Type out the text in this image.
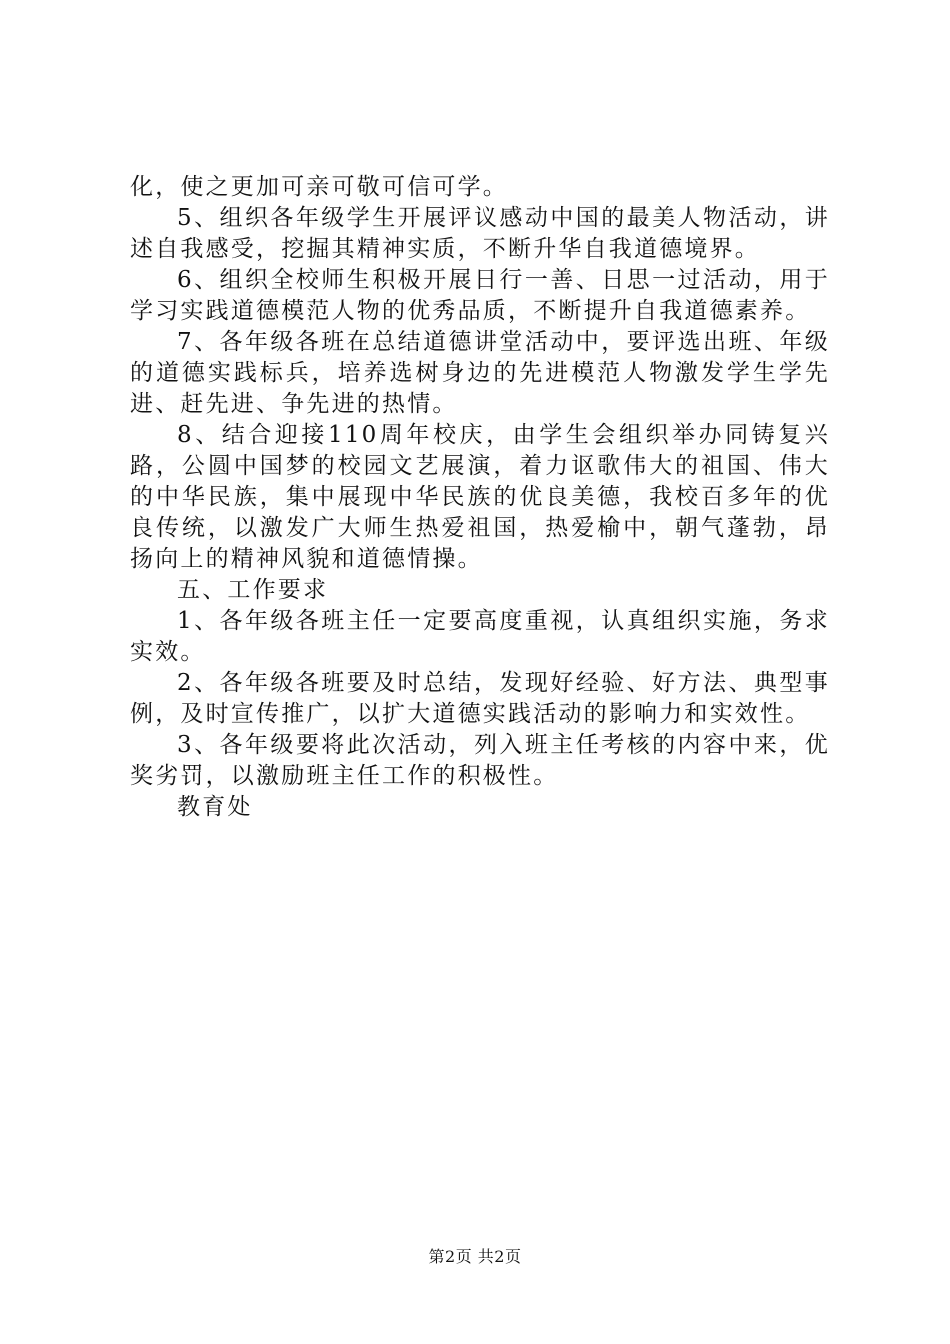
化，使之更加可亲可敬可信可学。

5、组织各年级学生开展评议感动中国的最美人物活动，讲述自我感受，挖掘其精神实质，不断升华自我道德境界。

6、组织全校师生积极开展日行一善、日思一过活动，用于学习实践道德模范人物的优秀品质，不断提升自我道德素养。

7、各年级各班在总结道德讲堂活动中，要评选出班、年级的道德实践标兵，培养选树身边的先进模范人物激发学生学先进、赶先进、争先进的热情。

8、结合迎接110周年校庆，由学生会组织举办同铸复兴路，公圆中国梦的校园文艺展演，着力讴歌伟大的祖国、伟大的中华民族，集中展现中华民族的优良美德，我校百多年的优良传统，以激发广大师生热爱祖国，热爱榆中，朝气蓬勃，昂扬向上的精神风貌和道德情操。

五、工作要求

1、各年级各班主任一定要高度重视，认真组织实施，务求实效。

2、各年级各班要及时总结，发现好经验、好方法、典型事例，及时宣传推广，以扩大道德实践活动的影响力和实效性。

3、各年级要将此次活动，列入班主任考核的内容中来，优奖劣罚，以激励班主任工作的积极性。

教育处

第2页 共2页
